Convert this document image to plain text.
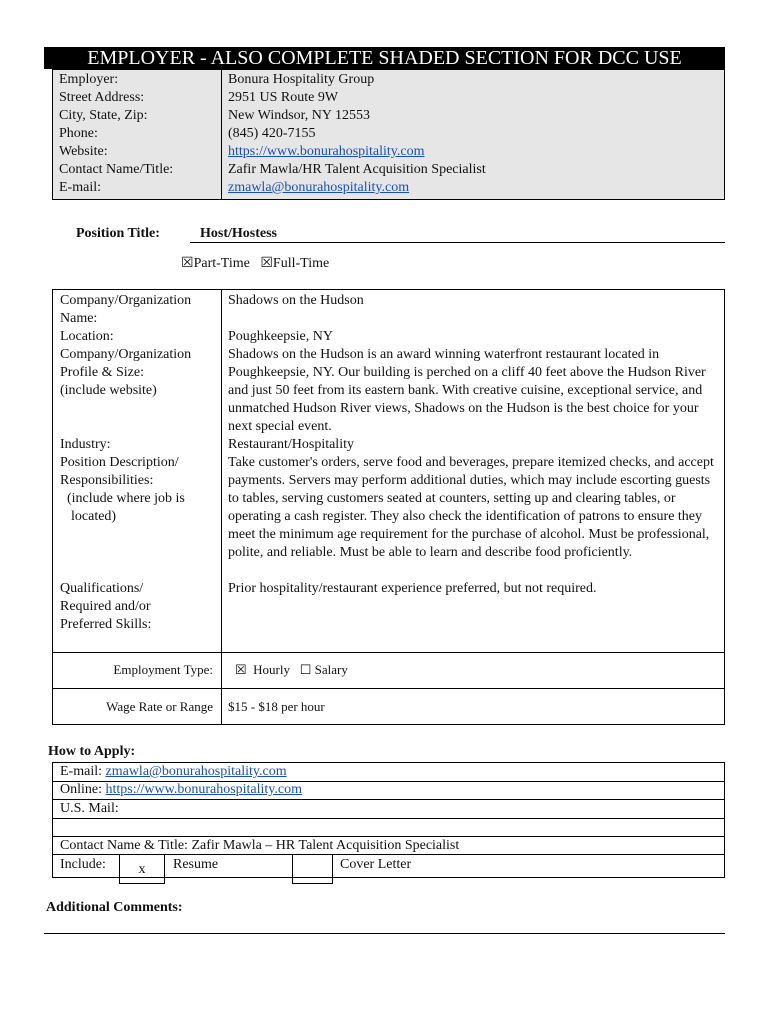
EMPLOYER - ALSO COMPLETE SHADED SECTION FOR DCC USE
Employer:	Bonura Hospitality Group
Street Address:	2951 US Route 9W
City, State, Zip:	New Windsor, NY 12553
Phone:	(845) 420-7155
Website:	https://www.bonurahospitality.com
Contact Name/Title:	Zafir Mawla/HR Talent Acquisition Specialist
E-mail:	zmawla@bonurahospitality.com
Position Title:	Host/Hostess
☒Part-Time ☒Full-Time
Company/Organization Name:
Shadows on the Hudson
Location:	Poughkeepsie, NY
Company/Organization
Profile & Size:
(include website)
Shadows on the Hudson is an award winning waterfront restaurant located in Poughkeepsie, NY. Our building is perched on a cliff 40 feet above the Hudson River and just 50 feet from its eastern bank. With creative cuisine, exceptional service, and unmatched Hudson River views, Shadows on the Hudson is the best choice for your next special event.
Industry:	Restaurant/Hospitality
Position Description/
Responsibilities:
(include where job is
located)
Take customer's orders, serve food and beverages, prepare itemized checks, and accept payments. Servers may perform additional duties, which may include escorting guests to tables, serving customers seated at counters, setting up and clearing tables, or operating a cash register. They also check the identification of patrons to ensure they meet the minimum age requirement for the purchase of alcohol. Must be professional, polite, and reliable. Must be able to learn and describe food proficiently.
Qualifications/
Required and/or
Preferred Skills:
Prior hospitality/restaurant experience preferred, but not required.
Employment Type: ☒ Hourly ☐ Salary
Wage Rate or Range $15 - $18 per hour
How to Apply:
E-mail: zmawla@bonurahospitality.com
Online: https://www.bonurahospitality.com
U.S. Mail:
Contact Name & Title: Zafir Mawla – HR Talent Acquisition Specialist
Include:	x	Resume	Cover Letter
Additional Comments:
